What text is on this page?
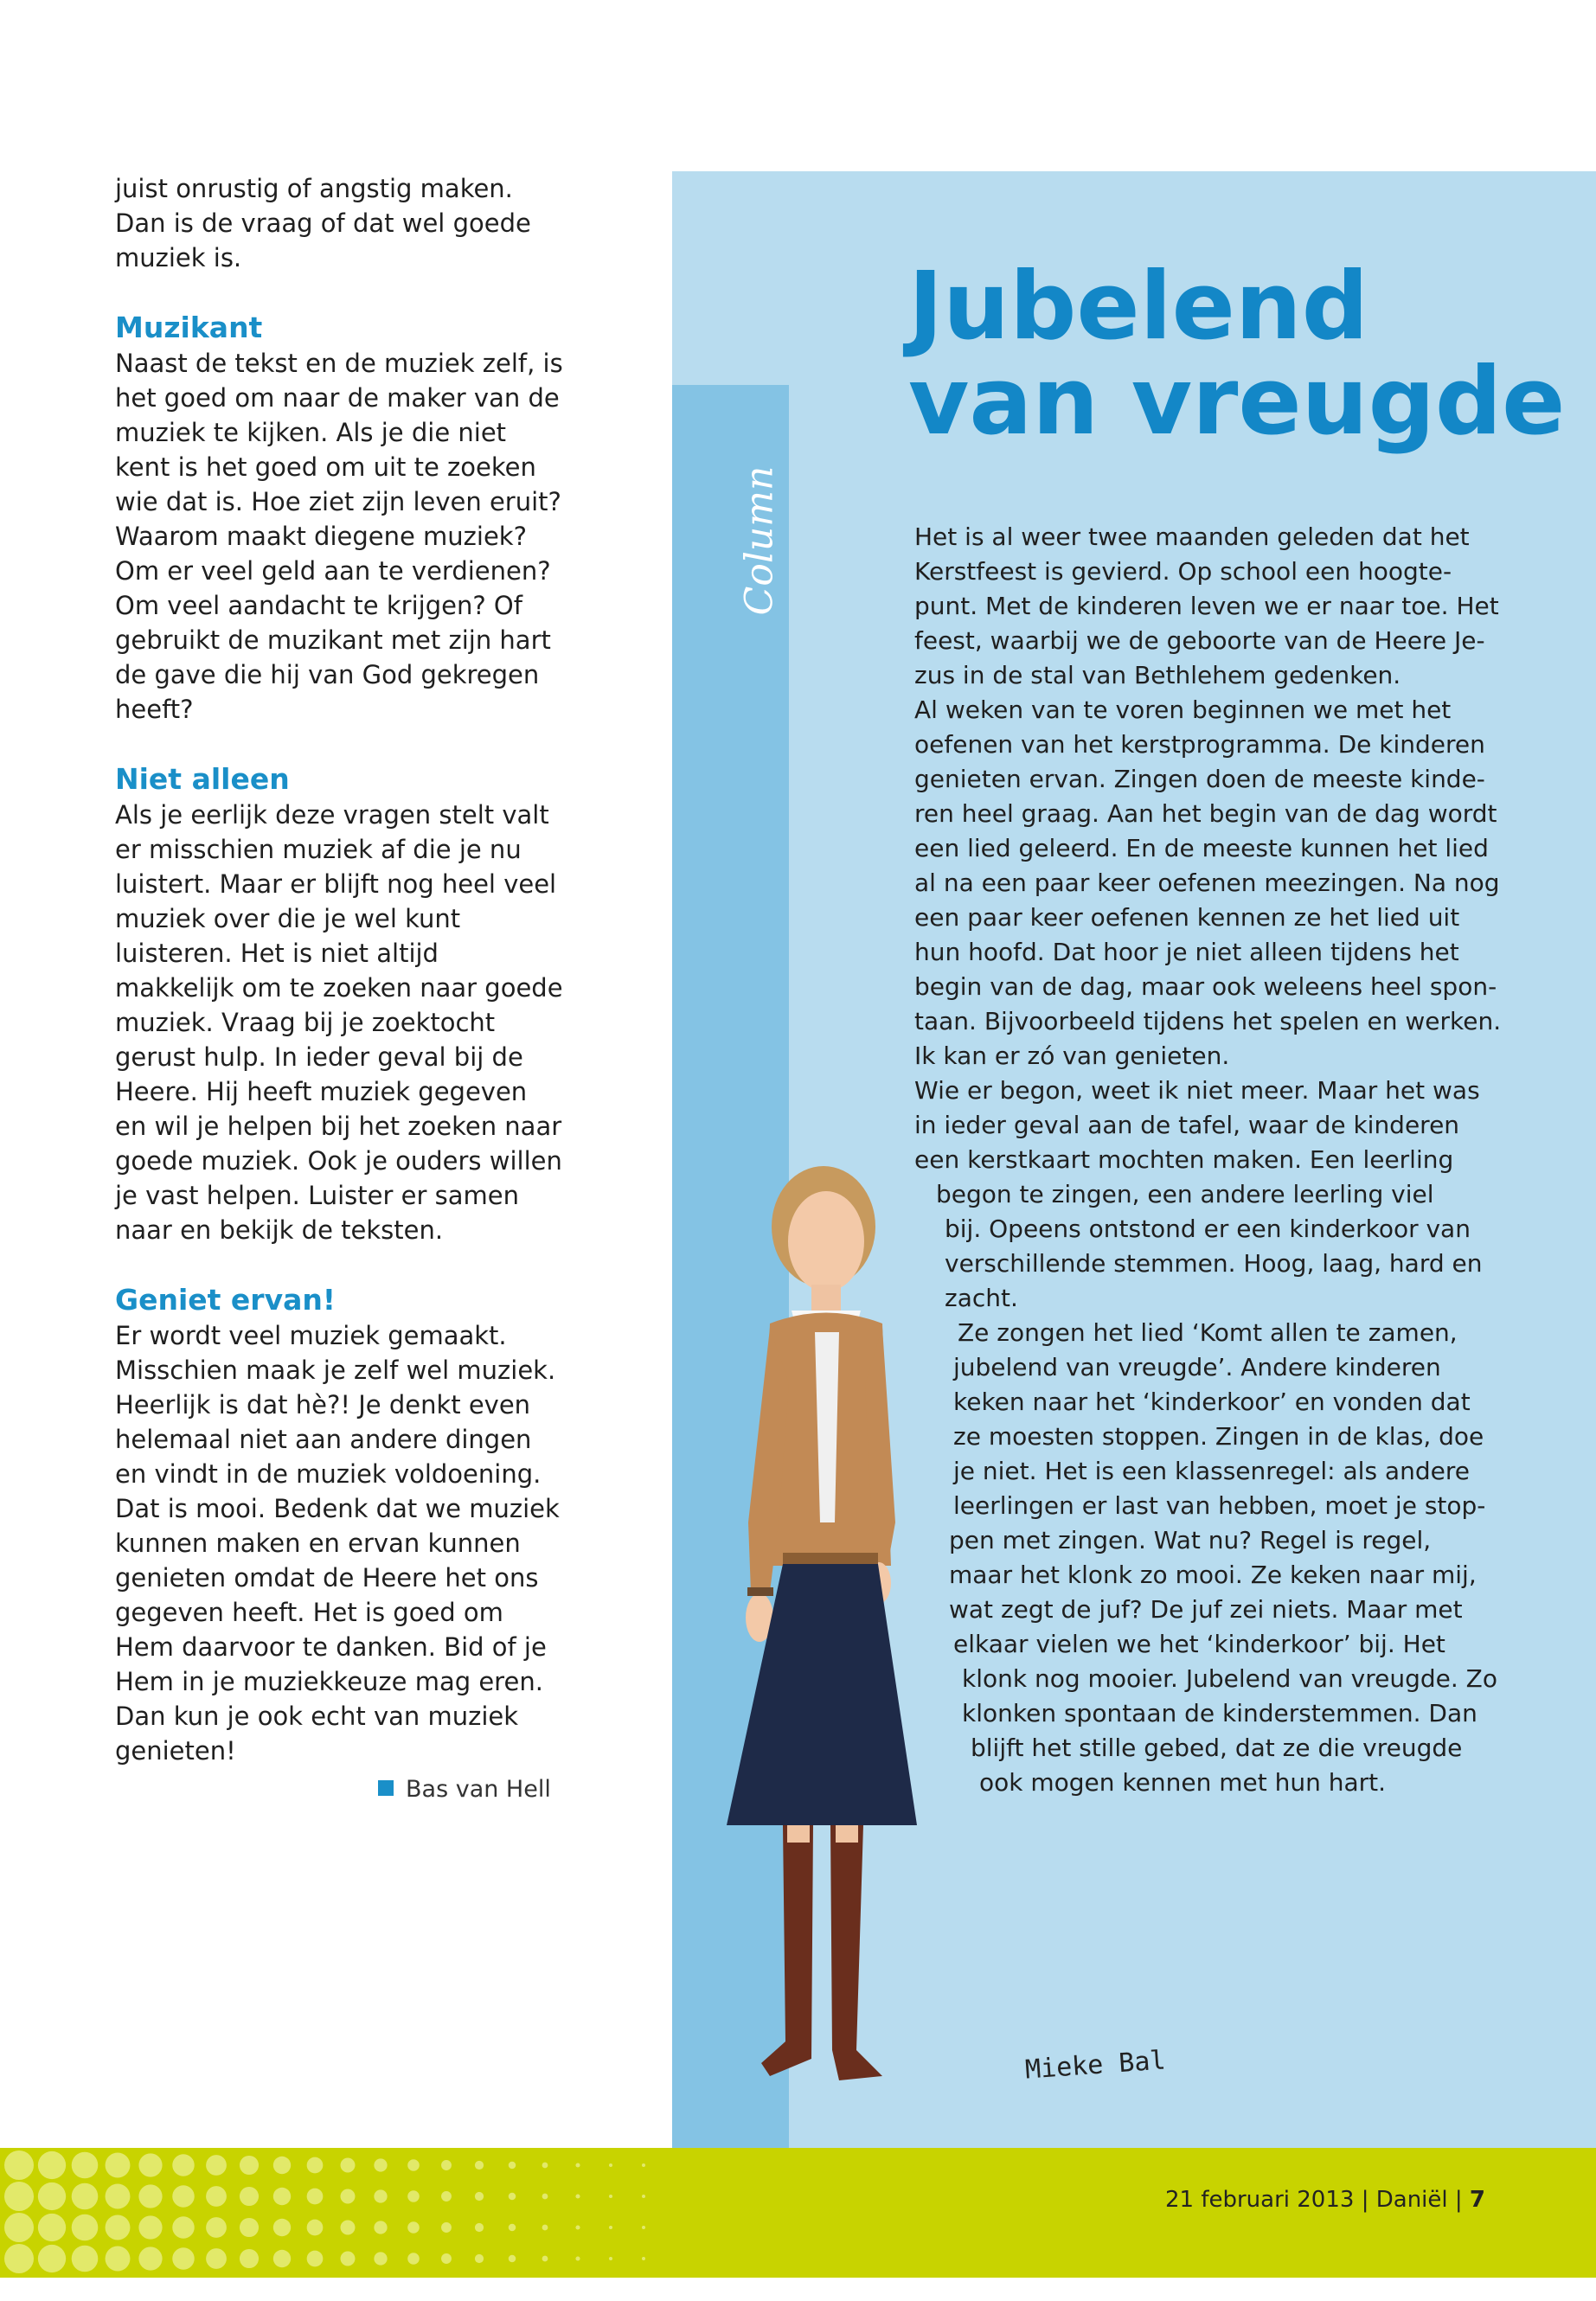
juist onrustig of angstig maken. Dan is de vraag of dat wel goede muziek is.

Muzikant

Naast de tekst en de muziek zelf, is het goed om naar de maker van de muziek te kijken. Als je die niet kent is het goed om uit te zoeken wie dat is. Hoe ziet zijn leven eruit? Waarom maakt diegene muziek? Om er veel geld aan te verdienen? Om veel aandacht te krijgen? Of gebruikt de muzikant met zijn hart de gave die hij van God gekregen heeft?

Niet alleen

Als je eerlijk deze vragen stelt valt er misschien muziek af die je nu luistert. Maar er blijft nog heel veel muziek over die je wel kunt luisteren. Het is niet altijd makkelijk om te zoeken naar goede muziek. Vraag bij je zoektocht gerust hulp. In ieder geval bij de Heere. Hij heeft muziek gegeven en wil je helpen bij het zoeken naar goede muziek. Ook je ouders willen je vast helpen. Luister er samen naar en bekijk de teksten.

Geniet ervan!

Er wordt veel muziek gemaakt. Misschien maak je zelf wel muziek. Heerlijk is dat hè?! Je denkt even helemaal niet aan andere dingen en vindt in de muziek voldoening. Dat is mooi. Bedenk dat we muziek kunnen maken en ervan kunnen genieten omdat de Heere het ons gegeven heeft. Het is goed om Hem daarvoor te danken. Bid of je Hem in je muziekkeuze mag eren. Dan kun je ook echt van muziek genieten!

Bas van Hell
Column
Jubelend
van vreugde
Het is al weer twee maanden geleden dat het
Kerstfeest is gevierd. Op school een hoogte-
punt. Met de kinderen leven we er naar toe. Het
feest, waarbij we de geboorte van de Heere Je-
zus in de stal van Bethlehem gedenken.
Al weken van te voren beginnen we met het
oefenen van het kerstprogramma. De kinderen
genieten ervan. Zingen doen de meeste kinde-
ren heel graag. Aan het begin van de dag wordt
een lied geleerd. En de meeste kunnen het lied
al na een paar keer oefenen meezingen. Na nog
een paar keer oefenen kennen ze het lied uit
hun hoofd. Dat hoor je niet alleen tijdens het
begin van de dag, maar ook weleens heel spon-
taan. Bijvoorbeeld tijdens het spelen en werken.
Ik kan er zó van genieten.
Wie er begon, weet ik niet meer. Maar het was
in ieder geval aan de tafel, waar de kinderen
een kerstkaart mochten maken. Een leerling
begon te zingen, een andere leerling viel
bij. Opeens ontstond er een kinderkoor van
verschillende stemmen. Hoog, laag, hard en
zacht.
Ze zongen het lied ‘Komt allen te zamen,
jubelend van vreugde’. Andere kinderen
keken naar het ‘kinderkoor’ en vonden dat
ze moesten stoppen. Zingen in de klas, doe
je niet. Het is een klassenregel: als andere
leerlingen er last van hebben, moet je stop-
pen met zingen. Wat nu? Regel is regel,
maar het klonk zo mooi. Ze keken naar mij,
wat zegt de juf? De juf zei niets. Maar met
elkaar vielen we het ‘kinderkoor’ bij. Het
klonk nog mooier. Jubelend van vreugde. Zo
klonken spontaan de kinderstemmen. Dan
blijft het stille gebed, dat ze die vreugde
ook mogen kennen met hun hart.
Mieke Bal
21 februari 2013 | Daniël | 7
